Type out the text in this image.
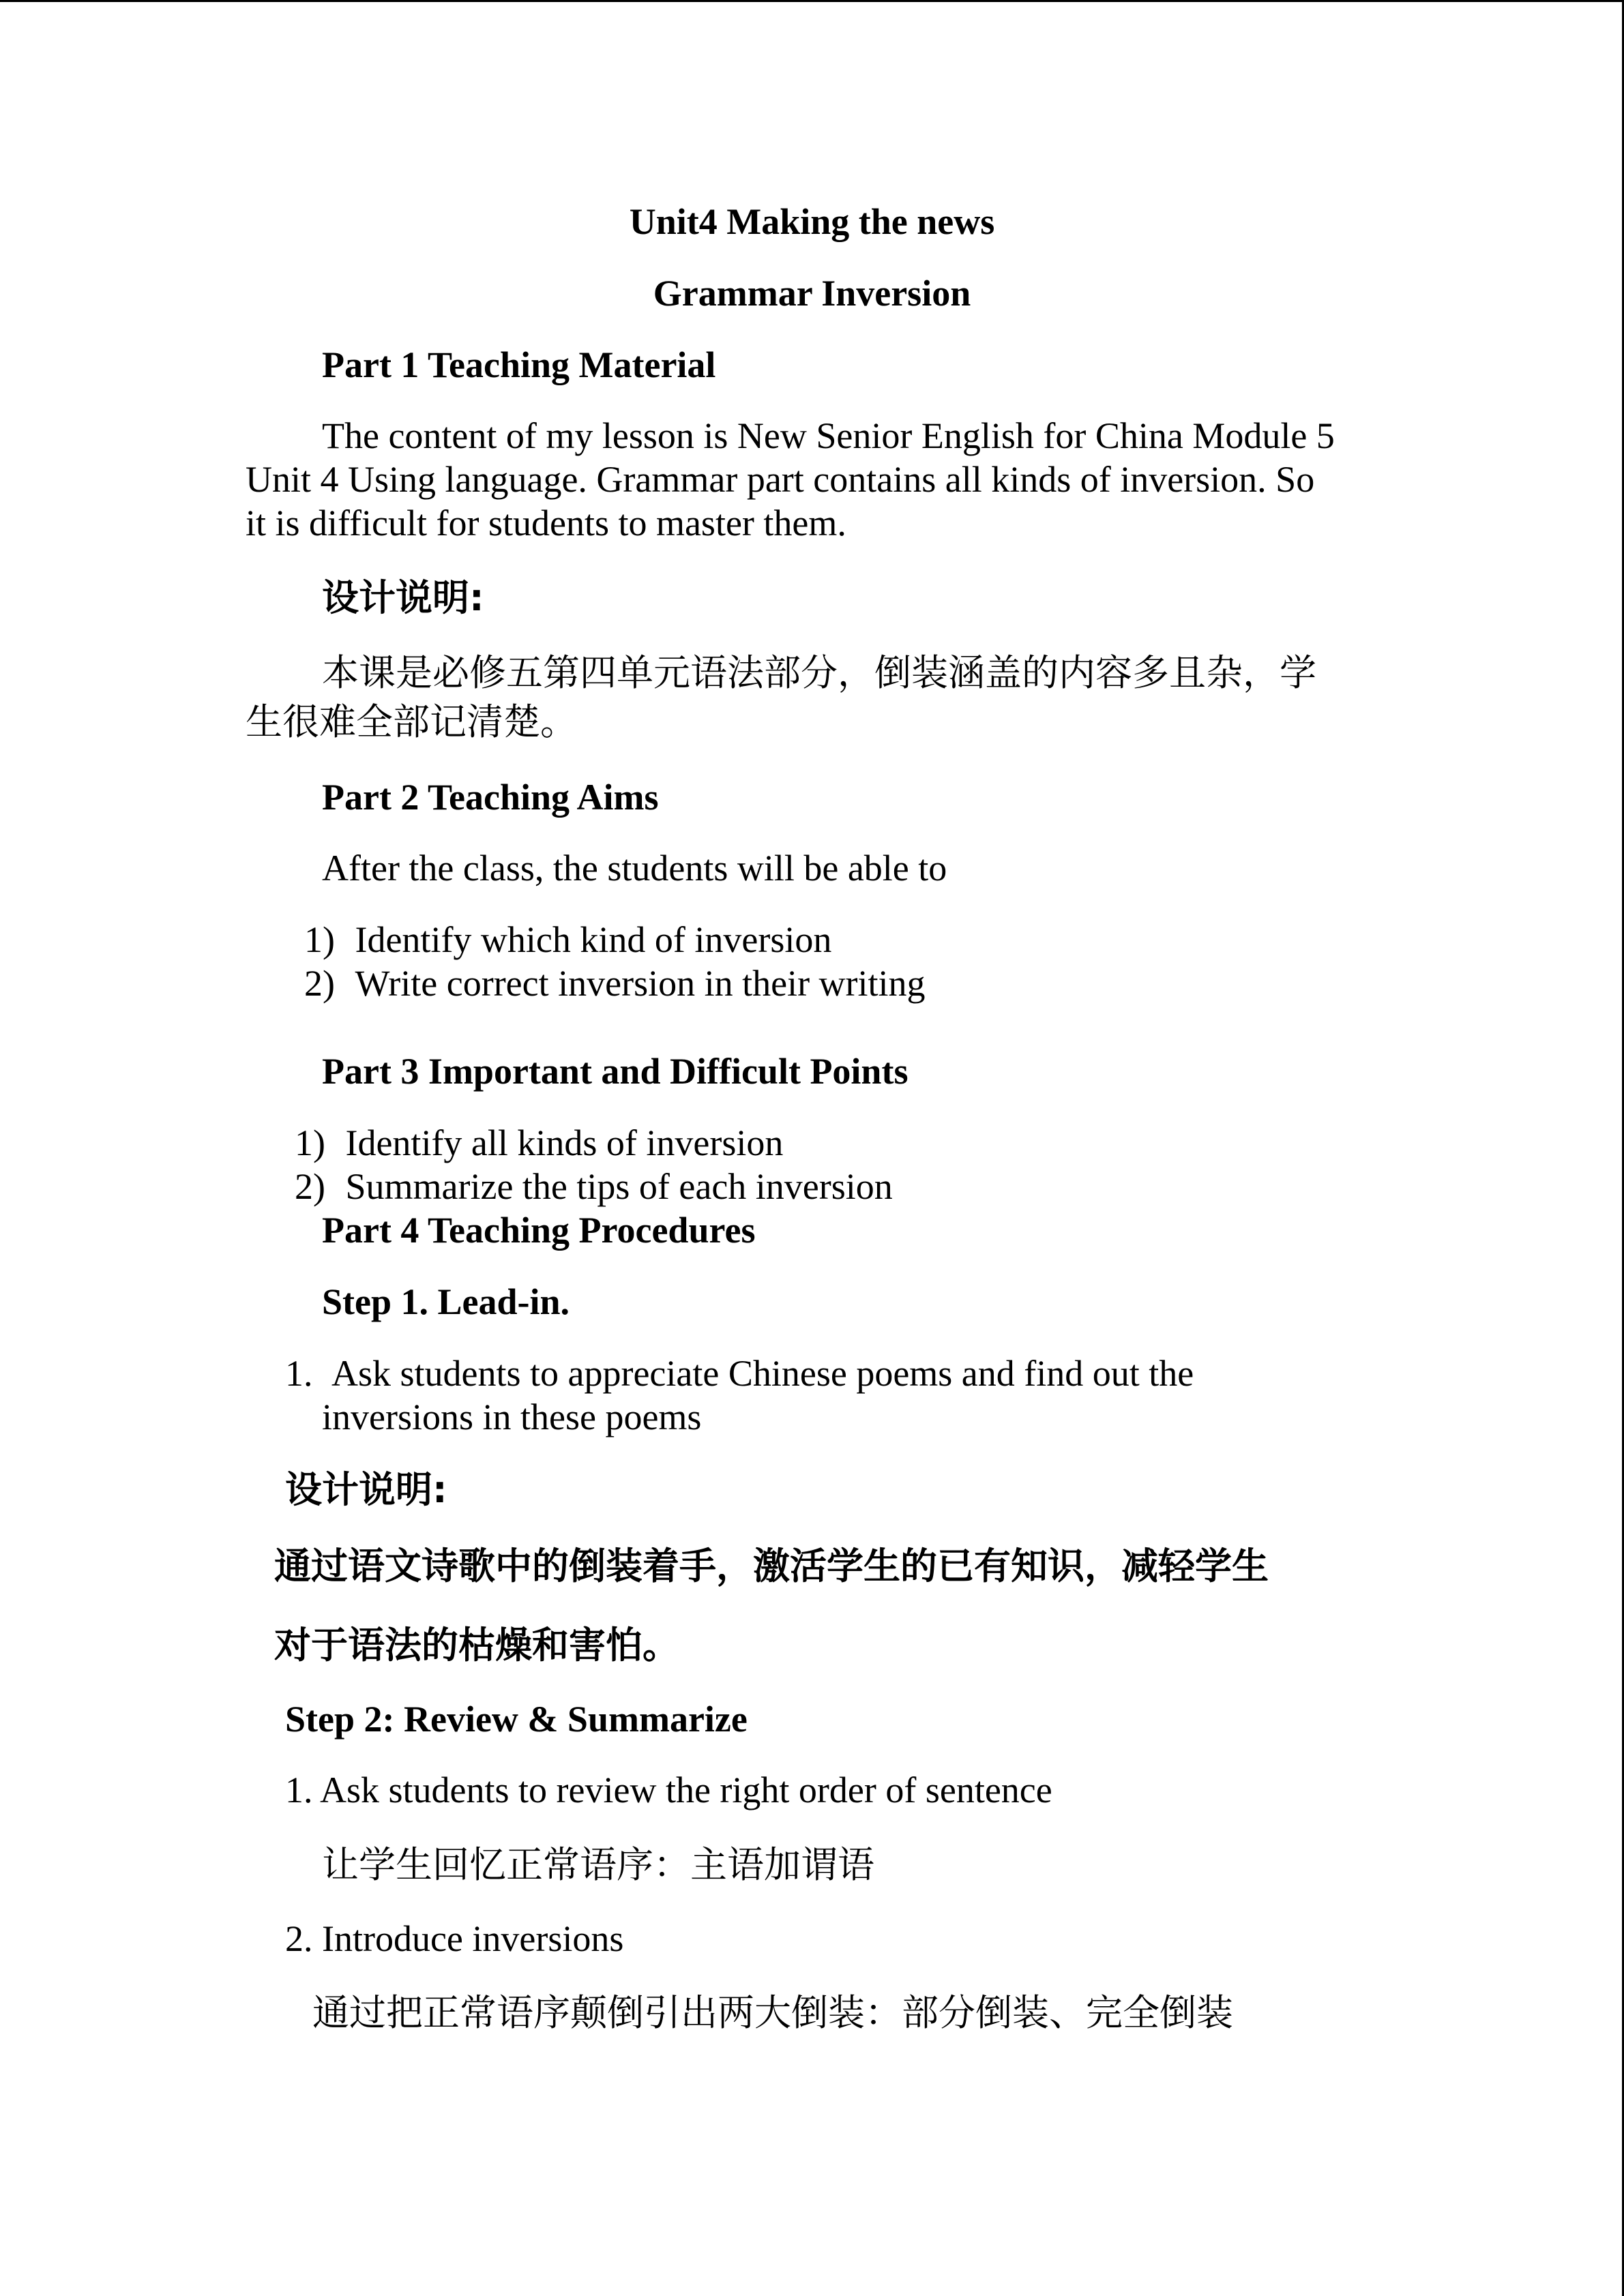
Unit4 Making the news
Grammar Inversion
Part 1 Teaching Material
The content of my lesson is New Senior English for China Module 5
Unit 4 Using language. Grammar part contains all kinds of inversion. So
it is difficult for students to master them.
设计说明:
本课是必修五第四单元语法部分，倒装涵盖的内容多且杂，学
生很难全部记清楚。
Part 2 Teaching Aims
After the class, the students will be able to
1) Identify which kind of inversion
2) Write correct inversion in their writing
Part 3 Important and Difficult Points
1) Identify all kinds of inversion
2) Summarize the tips of each inversion
Part 4 Teaching Procedures
Step 1. Lead-in.
1. Ask students to appreciate Chinese poems and find out the
inversions in these poems
设计说明:
通过语文诗歌中的倒装着手，激活学生的已有知识，减轻学生
对于语法的枯燥和害怕。
Step 2: Review & Summarize
1. Ask students to review the right order of sentence
让学生回忆正常语序：主语加谓语
2. Introduce inversions
通过把正常语序颠倒引出两大倒装：部分倒装、完全倒装
